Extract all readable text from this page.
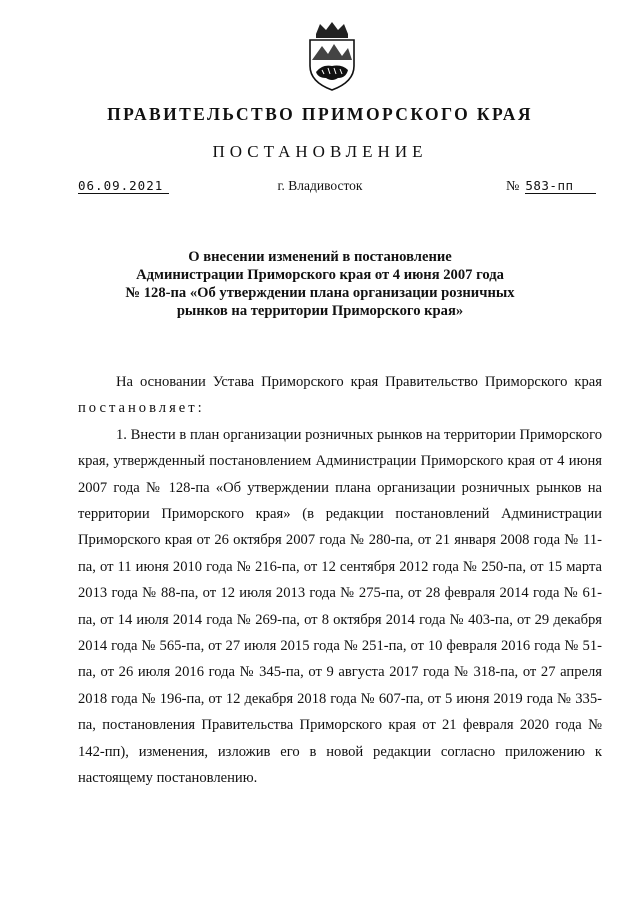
ПРАВИТЕЛЬСТВО ПРИМОРСКОГО КРАЯ
ПОСТАНОВЛЕНИЕ
06.09.2021	г. Владивосток	№ 583-пп
О внесении изменений в постановление
Администрации Приморского края от 4 июня 2007 года
№ 128-па «Об утверждении плана организации розничных
рынков на территории Приморского края»

На основании Устава Приморского края Правительство Приморского края постановляет:

1. Внести в план организации розничных рынков на территории Приморского края, утвержденный постановлением Администрации Приморского края от 4 июня 2007 года № 128-па «Об утверждении плана организации розничных рынков на территории Приморского края» (в редакции постановлений Администрации Приморского края от 26 октября 2007 года № 280-па, от 21 января 2008 года № 11-па, от 11 июня 2010 года № 216-па, от 12 сентября 2012 года № 250-па, от 15 марта 2013 года № 88-па, от 12 июля 2013 года № 275-па, от 28 февраля 2014 года № 61-па, от 14 июля 2014 года № 269-па, от 8 октября 2014 года № 403-па, от 29 декабря 2014 года № 565-па, от 27 июля 2015 года № 251-па, от 10 февраля 2016 года № 51-па, от 26 июля 2016 года № 345-па, от 9 августа 2017 года № 318-па, от 27 апреля 2018 года № 196-па, от 12 декабря 2018 года № 607-па, от 5 июня 2019 года № 335-па, постановления Правительства Приморского края от 21 февраля 2020 года № 142-пп), изменения, изложив его в новой редакции согласно приложению к настоящему постановлению.
